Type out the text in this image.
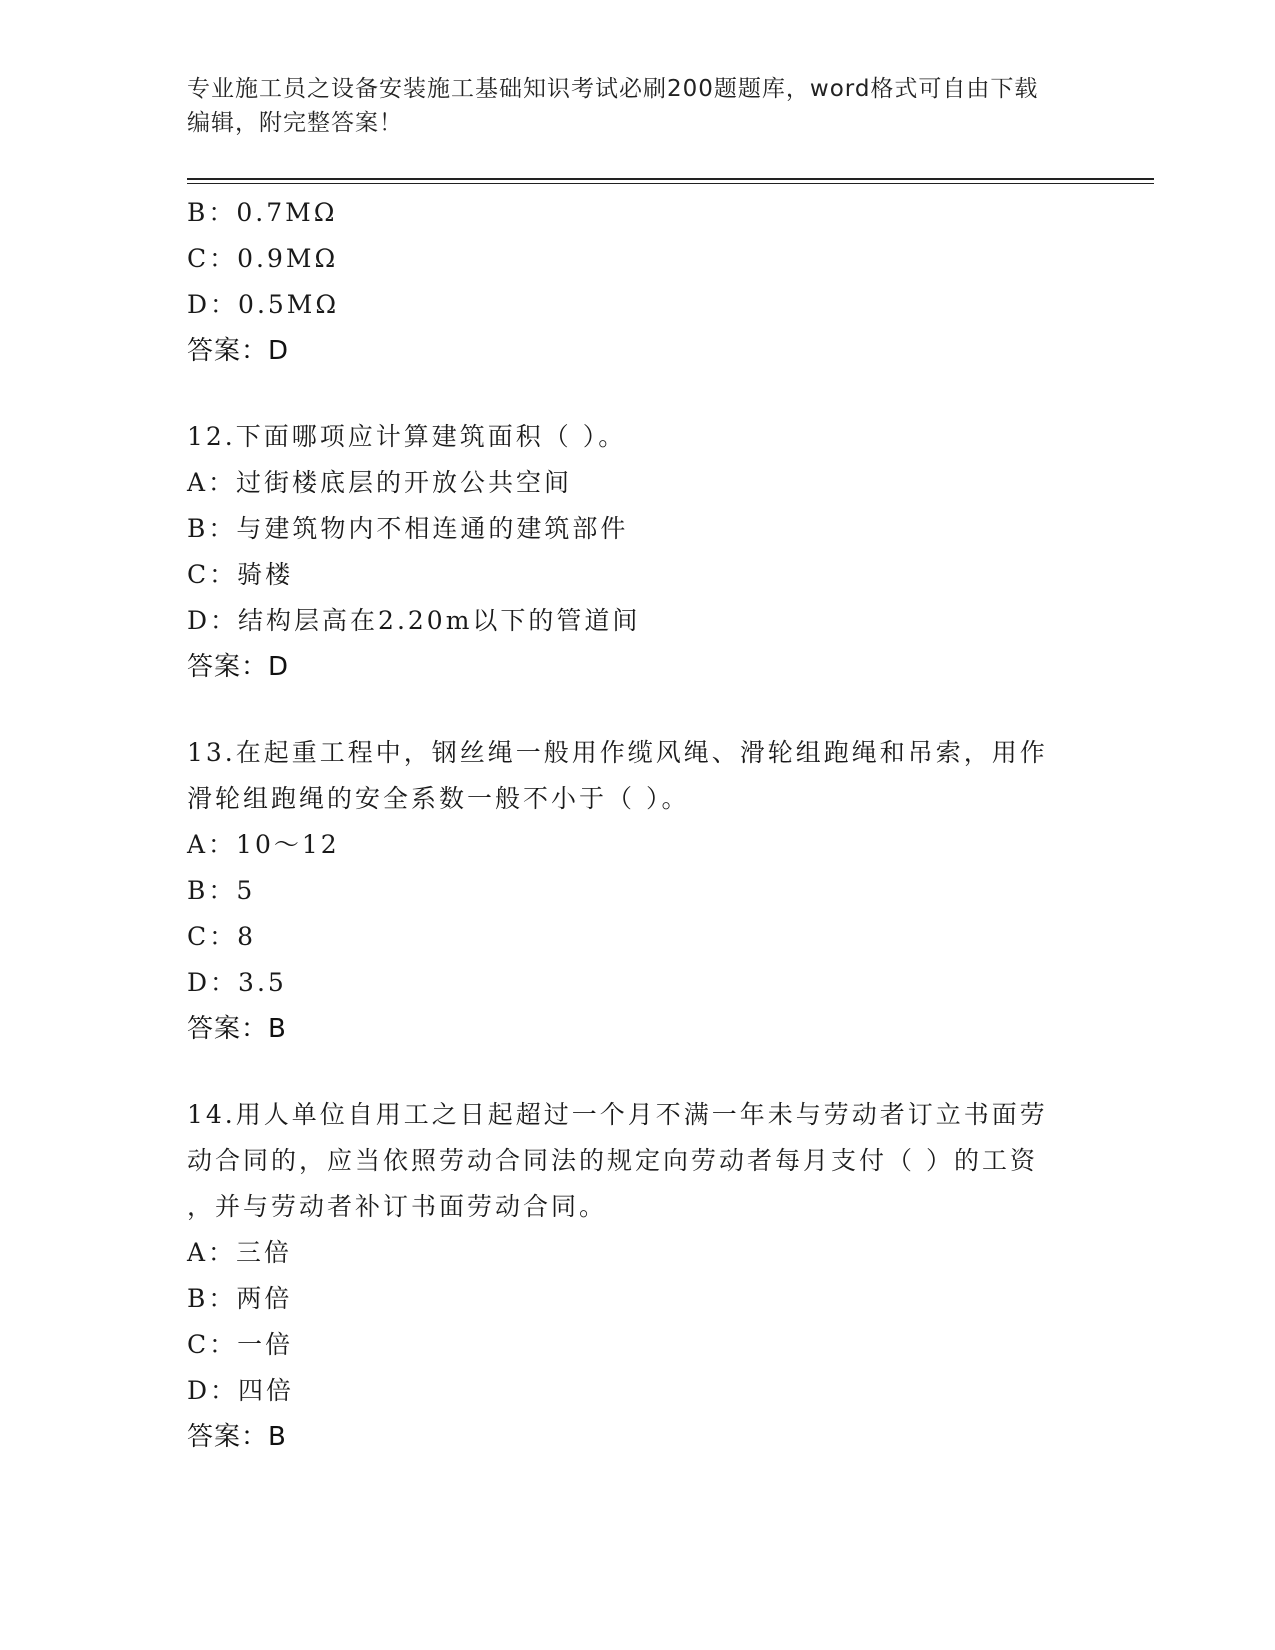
专业施工员之设备安装施工基础知识考试必刷200题题库，word格式可自由下载
编辑，附完整答案！
B：0.7MΩ
C：0.9MΩ
D：0.5MΩ
答案：D
12.下面哪项应计算建筑面积（ ）。
A：过街楼底层的开放公共空间
B：与建筑物内不相连通的建筑部件
C：骑楼
D：结构层高在2.20m以下的管道间
答案：D
13.在起重工程中，钢丝绳一般用作缆风绳、滑轮组跑绳和吊索，用作
滑轮组跑绳的安全系数一般不小于（ ）。
A：10～12
B：5
C：8
D：3.5
答案：B
14.用人单位自用工之日起超过一个月不满一年未与劳动者订立书面劳
动合同的，应当依照劳动合同法的规定向劳动者每月支付（ ）的工资
，并与劳动者补订书面劳动合同。
A：三倍
B：两倍
C：一倍
D：四倍
答案：B
